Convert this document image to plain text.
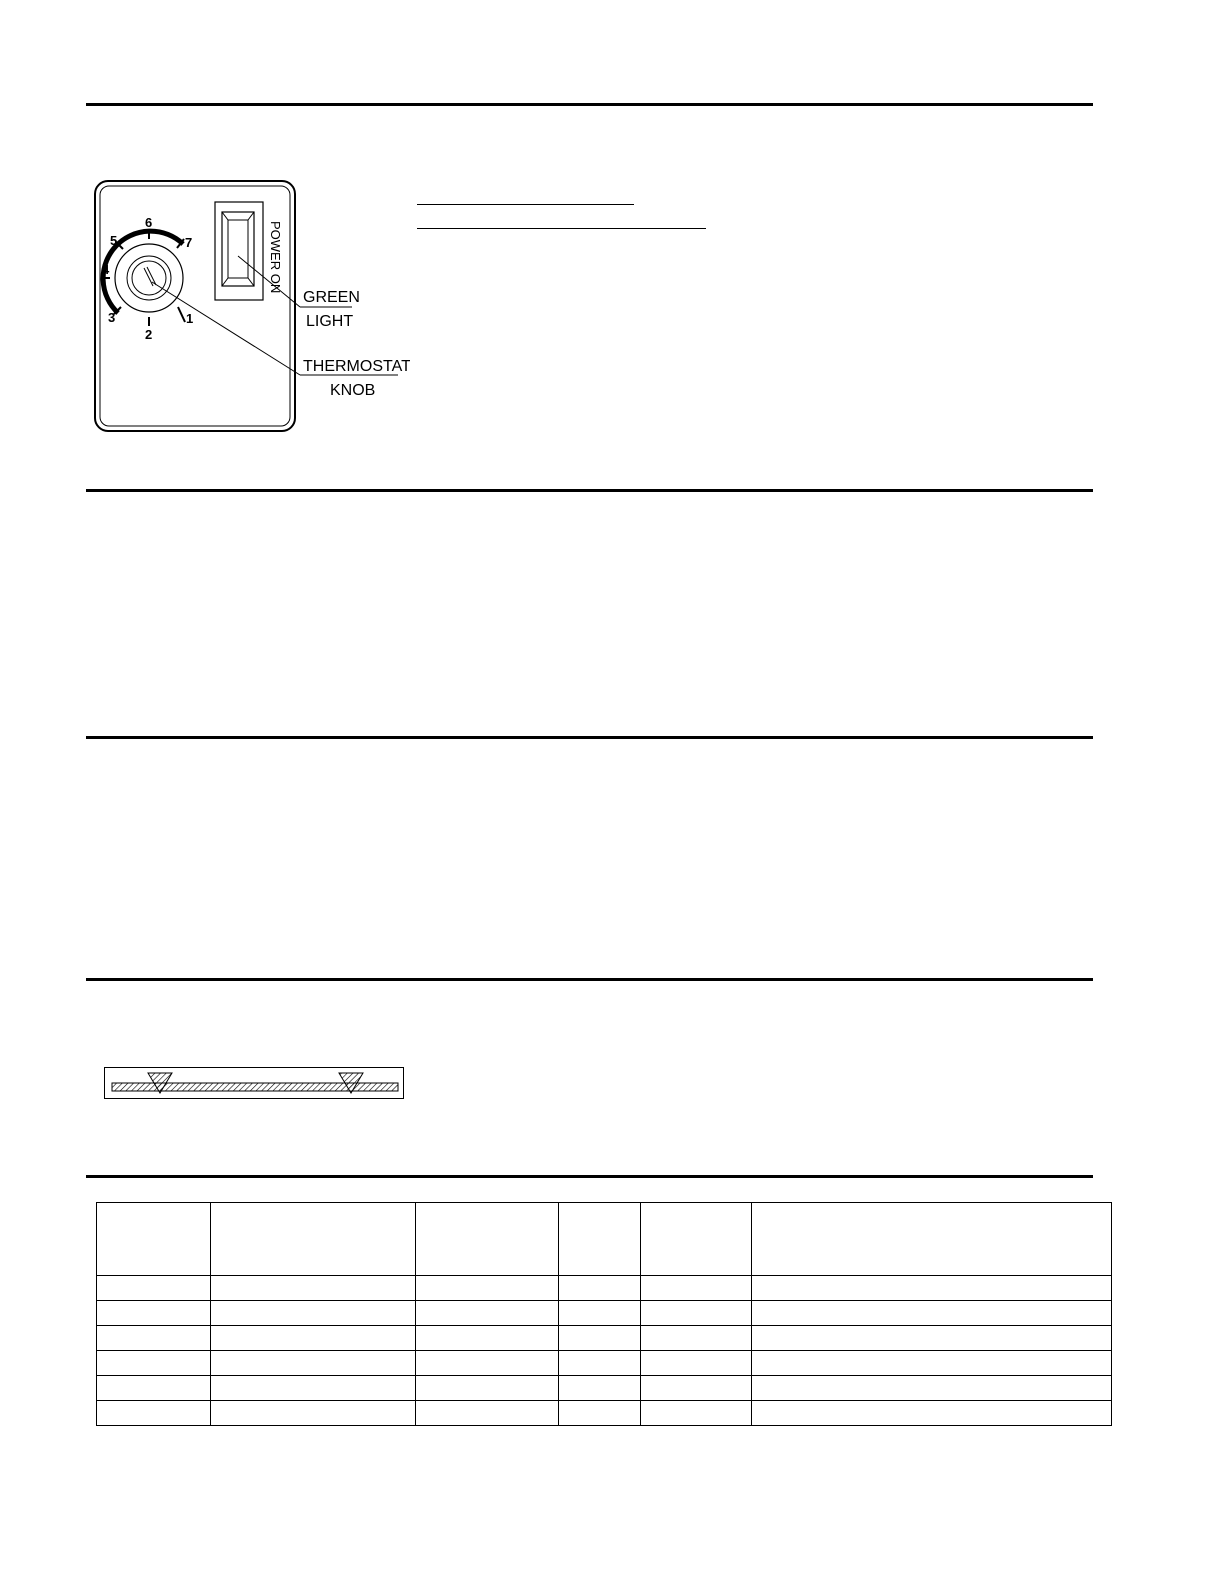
1
2
3
4
5
6
7	POWER ON
GREEN
LIGHT
THERMOSTAT
KNOB
